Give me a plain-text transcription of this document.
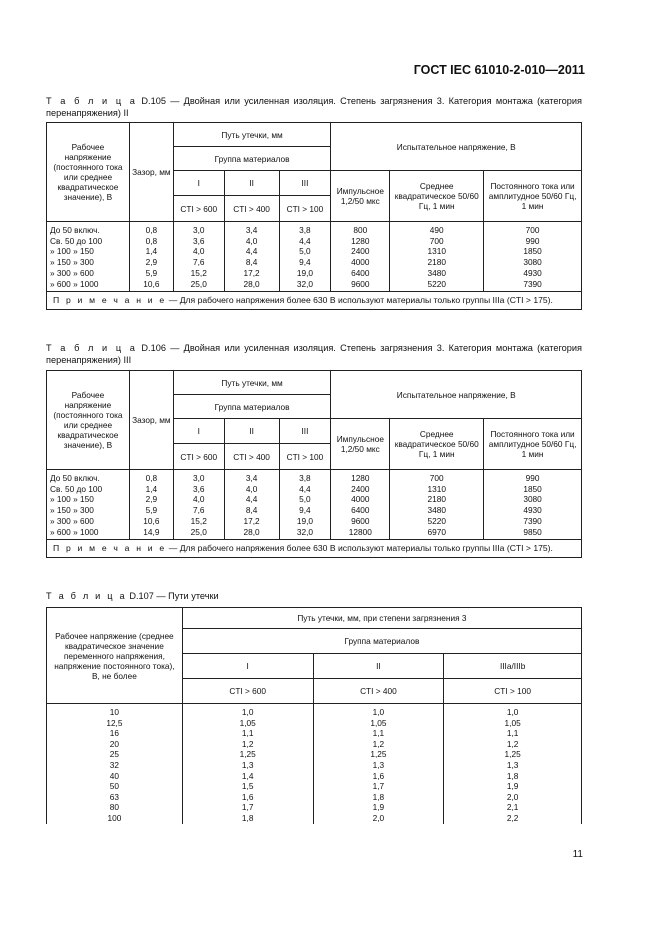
ГОСТ IEC 61010-2-010—2011
Т а б л и ц а D.105 — Двойная или усиленная изоляция. Степень загрязнения 3. Категория монтажа (категория перенапряжения) II
Рабочее напряжение (постоянного тока или среднее квадратическое значение), В	Зазор, мм	Путь утечки, мм			Испытательное напряжение, В		
		Группа материалов					
		I	II	III	Импульсное 1,2/50 мкс	Среднее квадратическое 50/60 Гц, 1 мин	Постоянного тока или амплитудное 50/60 Гц, 1 мин
		CTI > 600	CTI > 400	CTI > 100			
До 50 включ.	0,8	3,0	3,4	3,8	800	490	700
Св. 50 до 100	0,8	3,6	4,0	4,4	1280	700	990
» 100 » 150	1,4	4,0	4,4	5,0	2400	1310	1850
» 150 » 300	2,9	7,6	8,4	9,4	4000	2180	3080
» 300 » 600	5,9	15,2	17,2	19,0	6400	3480	4930
» 600 » 1000	10,6	25,0	28,0	32,0	9600	5220	7390
П р и м е ч а н и е — Для рабочего напряжения более 630 В используют материалы только группы IIIa (CTI > 175).							
Т а б л и ц а D.106 — Двойная или усиленная изоляция. Степень загрязнения 3. Категория монтажа (категория перенапряжения) III
Рабочее напряжение (постоянного тока или среднее квадратическое значение), В	Зазор, мм	Путь утечки, мм			Испытательное напряжение, В		
		Группа материалов					
		I	II	III	Импульсное 1,2/50 мкс	Среднее квадратическое 50/60 Гц, 1 мин	Постоянного тока или амплитудное 50/60 Гц, 1 мин
		CTI > 600	CTI > 400	CTI > 100			
До 50 включ.	0,8	3,0	3,4	3,8	1280	700	990
Св. 50 до 100	1,4	3,6	4,0	4,4	2400	1310	1850
» 100 » 150	2,9	4,0	4,4	5,0	4000	2180	3080
» 150 » 300	5,9	7,6	8,4	9,4	6400	3480	4930
» 300 » 600	10,6	15,2	17,2	19,0	9600	5220	7390
» 600 » 1000	14,9	25,0	28,0	32,0	12800	6970	9850
П р и м е ч а н и е — Для рабочего напряжения более 630 В используют материалы только группы IIIa (CTI > 175).							
Т а б л и ц а D.107 — Пути утечки
Рабочее напряжение (среднее квадратическое значение переменного напряжения, напряжение постоянного тока), В, не более	Путь утечки, мм, при степени загрязнения 3		
	Группа материалов		
	I	II	IIIa/IIIb
	CTI > 600	CTI > 400	CTI > 100
10	1,0	1,0	1,0
12,5	1,05	1,05	1,05
16	1,1	1,1	1,1
20	1,2	1,2	1,2
25	1,25	1,25	1,25
32	1,3	1,3	1,3
40	1,4	1,6	1,8
50	1,5	1,7	1,9
63	1,6	1,8	2,0
80	1,7	1,9	2,1
100	1,8	2,0	2,2
11
